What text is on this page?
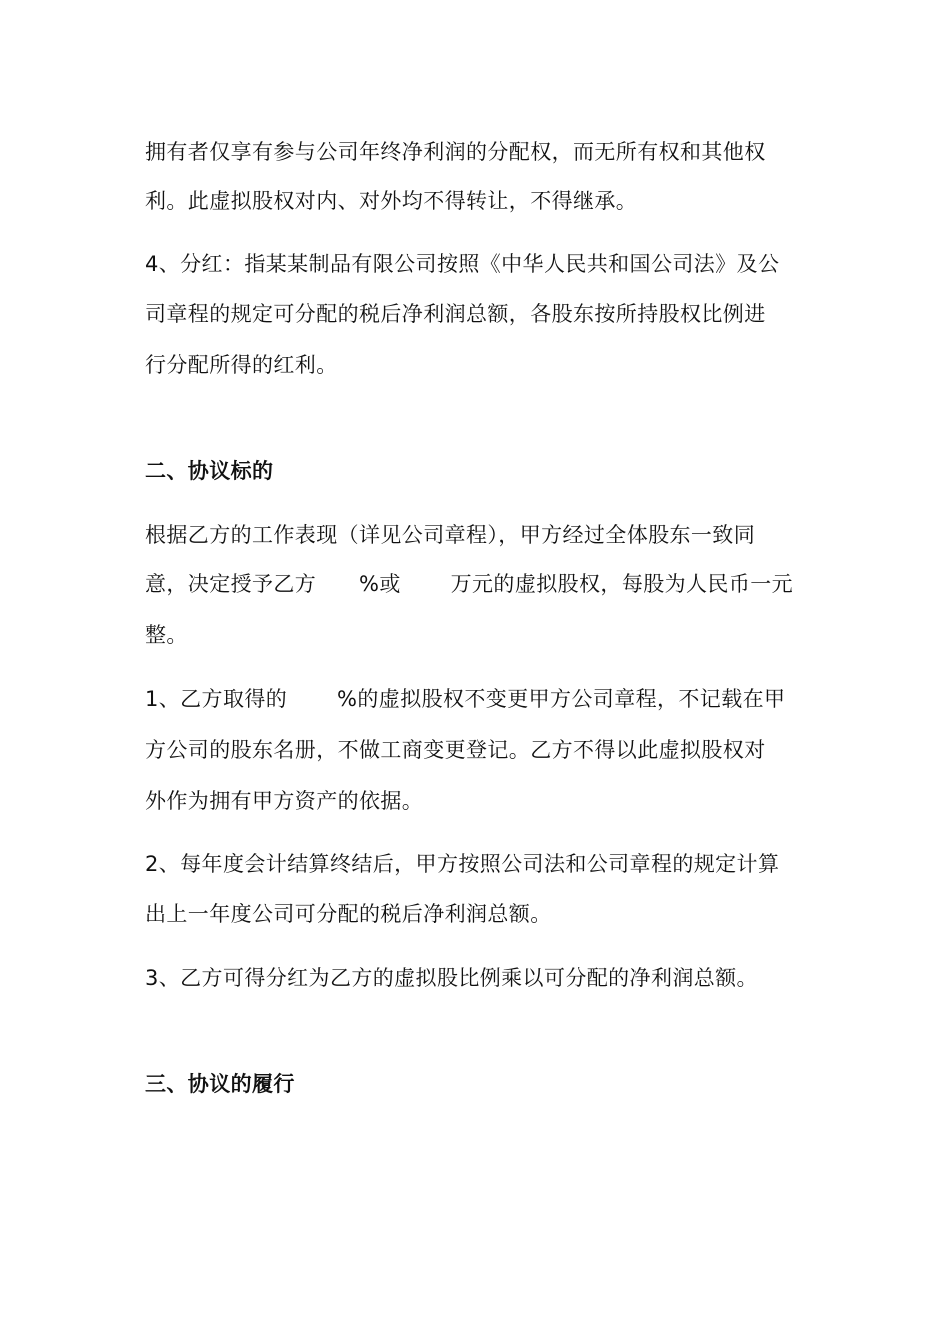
拥有者仅享有参与公司年终净利润的分配权，而无所有权和其他权
利。此虚拟股权对内、对外均不得转让，不得继承。
4、分红：指某某制品有限公司按照《中华人民共和国公司法》及公
司章程的规定可分配的税后净利润总额，各股东按所持股权比例进
行分配所得的红利。
二、协议标的
根据乙方的工作表现（详见公司章程），甲方经过全体股东一致同
意，决定授予乙方　　%或　　 万元的虚拟股权，每股为人民币一元
整。
1、乙方取得的　　 %的虚拟股权不变更甲方公司章程，不记载在甲
方公司的股东名册，不做工商变更登记。乙方不得以此虚拟股权对
外作为拥有甲方资产的依据。
2、每年度会计结算终结后，甲方按照公司法和公司章程的规定计算
出上一年度公司可分配的税后净利润总额。
3、乙方可得分红为乙方的虚拟股比例乘以可分配的净利润总额。
三、协议的履行
